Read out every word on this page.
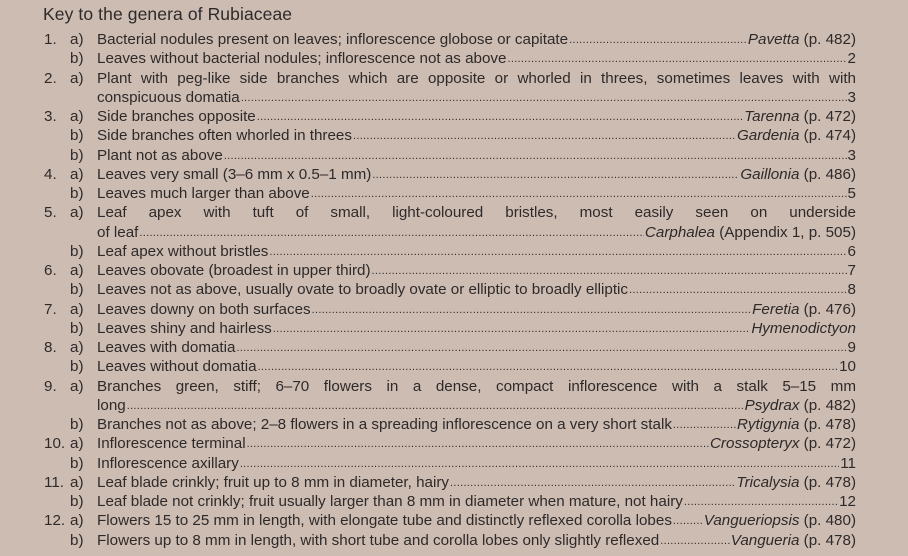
Key to the genera of Rubiaceae
1. a) Bacterial nodules present on leaves; inflorescence globose or capitate .....	Pavetta (p. 482)
b) Leaves without bacterial nodules; inflorescence not as above .....	2
2. a) Plant with peg-like side branches which are opposite or whorled in threes, sometimes leaves with with
conspicuous domatia .....	3
3. a) Side branches opposite .....	Tarenna (p. 472)
b) Side branches often whorled in threes .....	Gardenia (p. 474)
b) Plant not as above .....	3
4. a) Leaves very small (3–6 mm x 0.5–1 mm) .....	Gaillonia (p. 486)
b) Leaves much larger than above .....	5
5. a) Leaf apex with tuft of small, light-coloured bristles, most easily seen on underside
of leaf .....	Carphalea (Appendix 1, p. 505)
b) Leaf apex without bristles .....	6
6. a) Leaves obovate (broadest in upper third) .....	7
b) Leaves not as above, usually ovate to broadly ovate or elliptic to broadly elliptic .....	8
7. a) Leaves downy on both surfaces .....	Feretia (p. 476)
b) Leaves shiny and hairless .....	Hymenodictyon
8. a) Leaves with domatia .....	9
b) Leaves without domatia .....	10
9. a) Branches green, stiff; 6–70 flowers in a dense, compact inflorescence with a stalk 5–15 mm
long .....	Psydrax (p. 482)
b) Branches not as above; 2–8 flowers in a spreading inflorescence on a very short stalk .....	Rytigynia (p. 478)
10. a) Inflorescence terminal .....	Crossopteryx (p. 472)
b) Inflorescence axillary .....	11
11. a) Leaf blade crinkly; fruit up to 8 mm in diameter, hairy .....	Tricalysia (p. 478)
b) Leaf blade not crinkly; fruit usually larger than 8 mm in diameter when mature, not hairy .....	12
12. a) Flowers 15 to 25 mm in length, with elongate tube and distinctly reflexed corolla lobes ..... Vangueriopsis (p. 480)
b) Flowers up to 8 mm in length, with short tube and corolla lobes only slightly reflexed .....	Vangueria (p. 478)
